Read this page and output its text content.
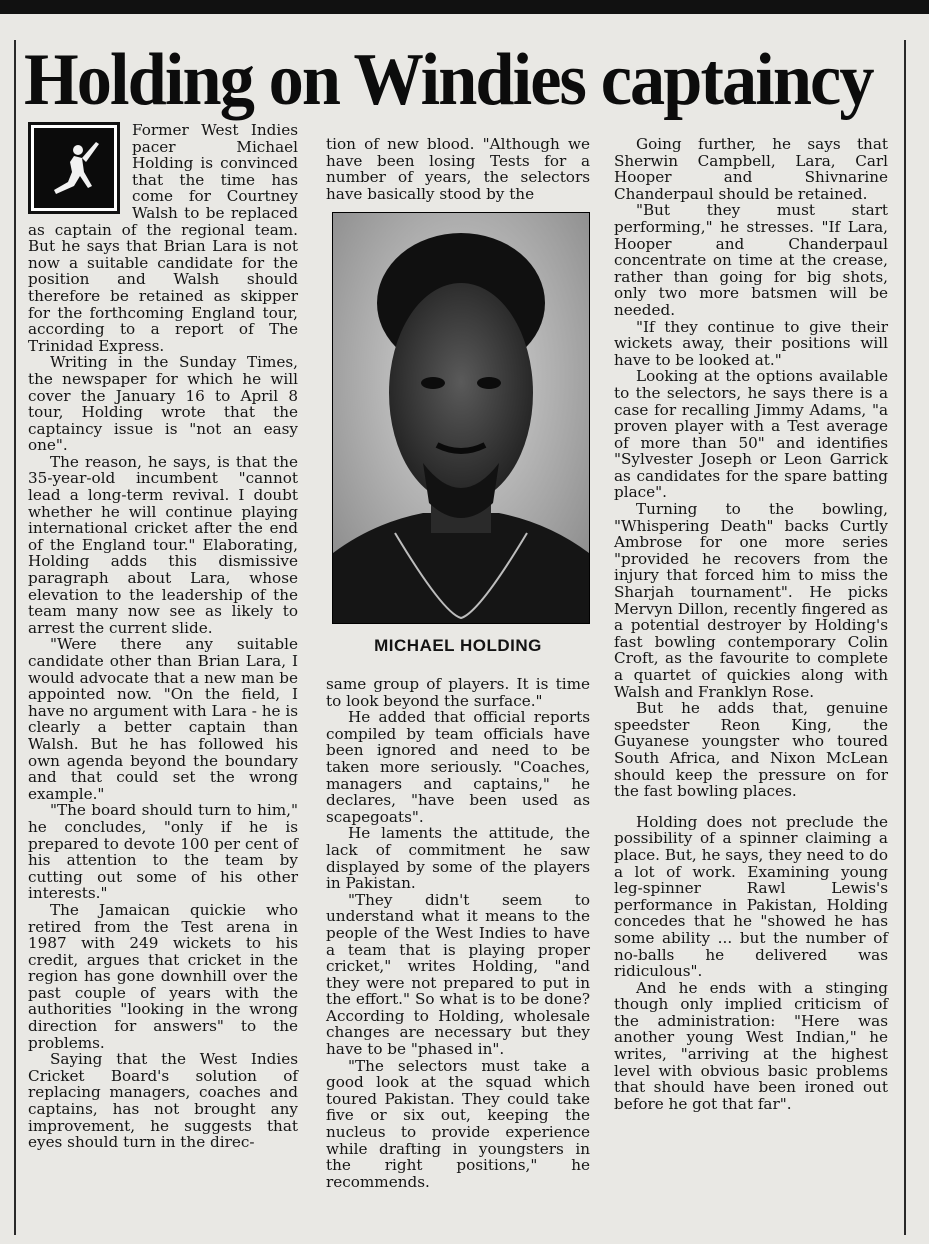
Holding on Windies captaincy

Former West Indies pacer Michael Holding is convinced that the time has come for Courtney Walsh to be replaced as captain of the regional team. But he says that Brian Lara is not now a suitable candidate for the position and Walsh should therefore be retained as skipper for the forthcoming England tour, according to a report of The Trinidad Express.

Writing in the Sunday Times, the newspaper for which he will cover the January 16 to April 8 tour, Holding wrote that the captaincy issue is "not an easy one".

The reason, he says, is that the 35-year-old incumbent "cannot lead a long-term revival. I doubt whether he will continue playing international cricket after the end of the England tour." Elaborating, Holding adds this dismissive paragraph about Lara, whose elevation to the leadership of the team many now see as likely to arrest the current slide.

"Were there any suitable candidate other than Brian Lara, I would advocate that a new man be appointed now. "On the field, I have no argument with Lara - he is clearly a better captain than Walsh. But he has followed his own agenda beyond the boundary and that could set the wrong example."

"The board should turn to him," he concludes, "only if he is prepared to devote 100 per cent of his attention to the team by cutting out some of his other interests."

The Jamaican quickie who retired from the Test arena in 1987 with 249 wickets to his credit, argues that cricket in the region has gone downhill over the past couple of years with the authorities "looking in the wrong direction for answers" to the problems.

Saying that the West Indies Cricket Board's solution of replacing managers, coaches and captains, has not brought any improvement, he suggests that eyes should turn in the direc-

tion of new blood. "Although we have been losing Tests for a number of years, the selectors have basically stood by the

MICHAEL HOLDING

same group of players. It is time to look beyond the surface."

He added that official reports compiled by team officials have been ignored and need to be taken more seriously. "Coaches, managers and captains," he declares, "have been used as scapegoats".

He laments the attitude, the lack of commitment he saw displayed by some of the players in Pakistan.

"They didn't seem to understand what it means to the people of the West Indies to have a team that is playing proper cricket," writes Holding, "and they were not prepared to put in the effort." So what is to be done? According to Holding, wholesale changes are necessary but they have to be "phased in".

"The selectors must take a good look at the squad which toured Pakistan. They could take five or six out, keeping the nucleus to provide experience while drafting in youngsters in the right positions," he recommends.

Going further, he says that Sherwin Campbell, Lara, Carl Hooper and Shivnarine Chanderpaul should be retained.

"But they must start performing," he stresses. "If Lara, Hooper and Chanderpaul concentrate on time at the crease, rather than going for big shots, only two more batsmen will be needed.

"If they continue to give their wickets away, their positions will have to be looked at."

Looking at the options available to the selectors, he says there is a case for recalling Jimmy Adams, "a proven player with a Test average of more than 50" and identifies "Sylvester Joseph or Leon Garrick as candidates for the spare batting place".

Turning to the bowling, "Whispering Death" backs Curtly Ambrose for one more series "provided he recovers from the injury that forced him to miss the Sharjah tournament". He picks Mervyn Dillon, recently fingered as a potential destroyer by Holding's fast bowling contemporary Colin Croft, as the favourite to complete a quartet of quickies along with Walsh and Franklyn Rose.

But he adds that, genuine speedster Reon King, the Guyanese youngster who toured South Africa, and Nixon McLean should keep the pressure on for the fast bowling places.

Holding does not preclude the possibility of a spinner claiming a place. But, he says, they need to do a lot of work. Examining young leg-spinner Rawl Lewis's performance in Pakistan, Holding concedes that he "showed he has some ability ... but the number of no-balls he delivered was ridiculous".

And he ends with a stinging though only implied criticism of the administration: "Here was another young West Indian," he writes, "arriving at the highest level with obvious basic problems that should have been ironed out before he got that far".
